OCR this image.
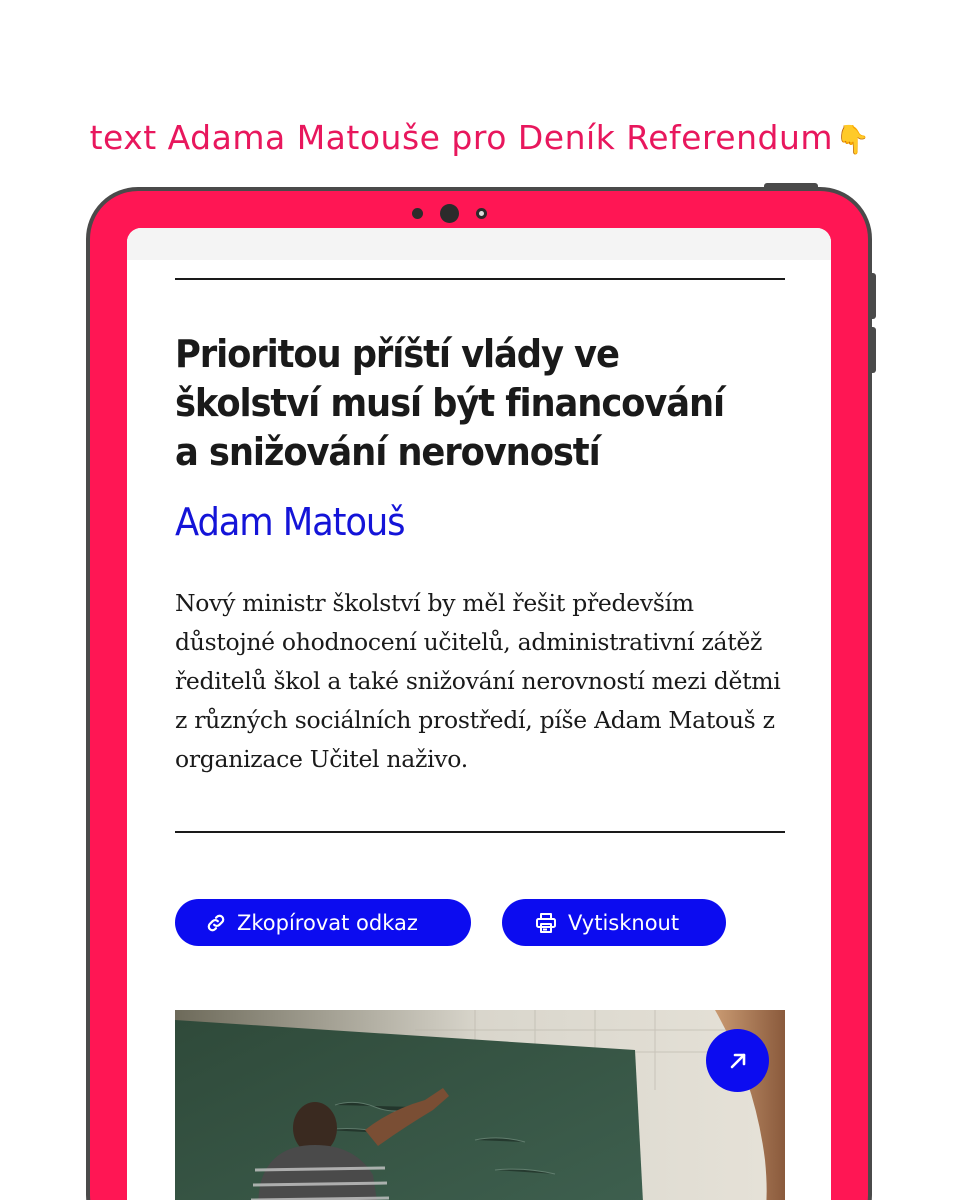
text Adama Matouše pro Deník Referendum👇
Prioritou příští vlády ve školství musí být financování a snižování nerovností
Adam Matouš

Nový ministr školství by měl řešit především důstojné ohodnocení učitelů, administrativní zátěž ředitelů škol a také snižování nerovností mezi dětmi z různých sociálních prostředí, píše Adam Matouš z organizace Učitel naživo.

Zkopírovat odkaz	Vytisknout
